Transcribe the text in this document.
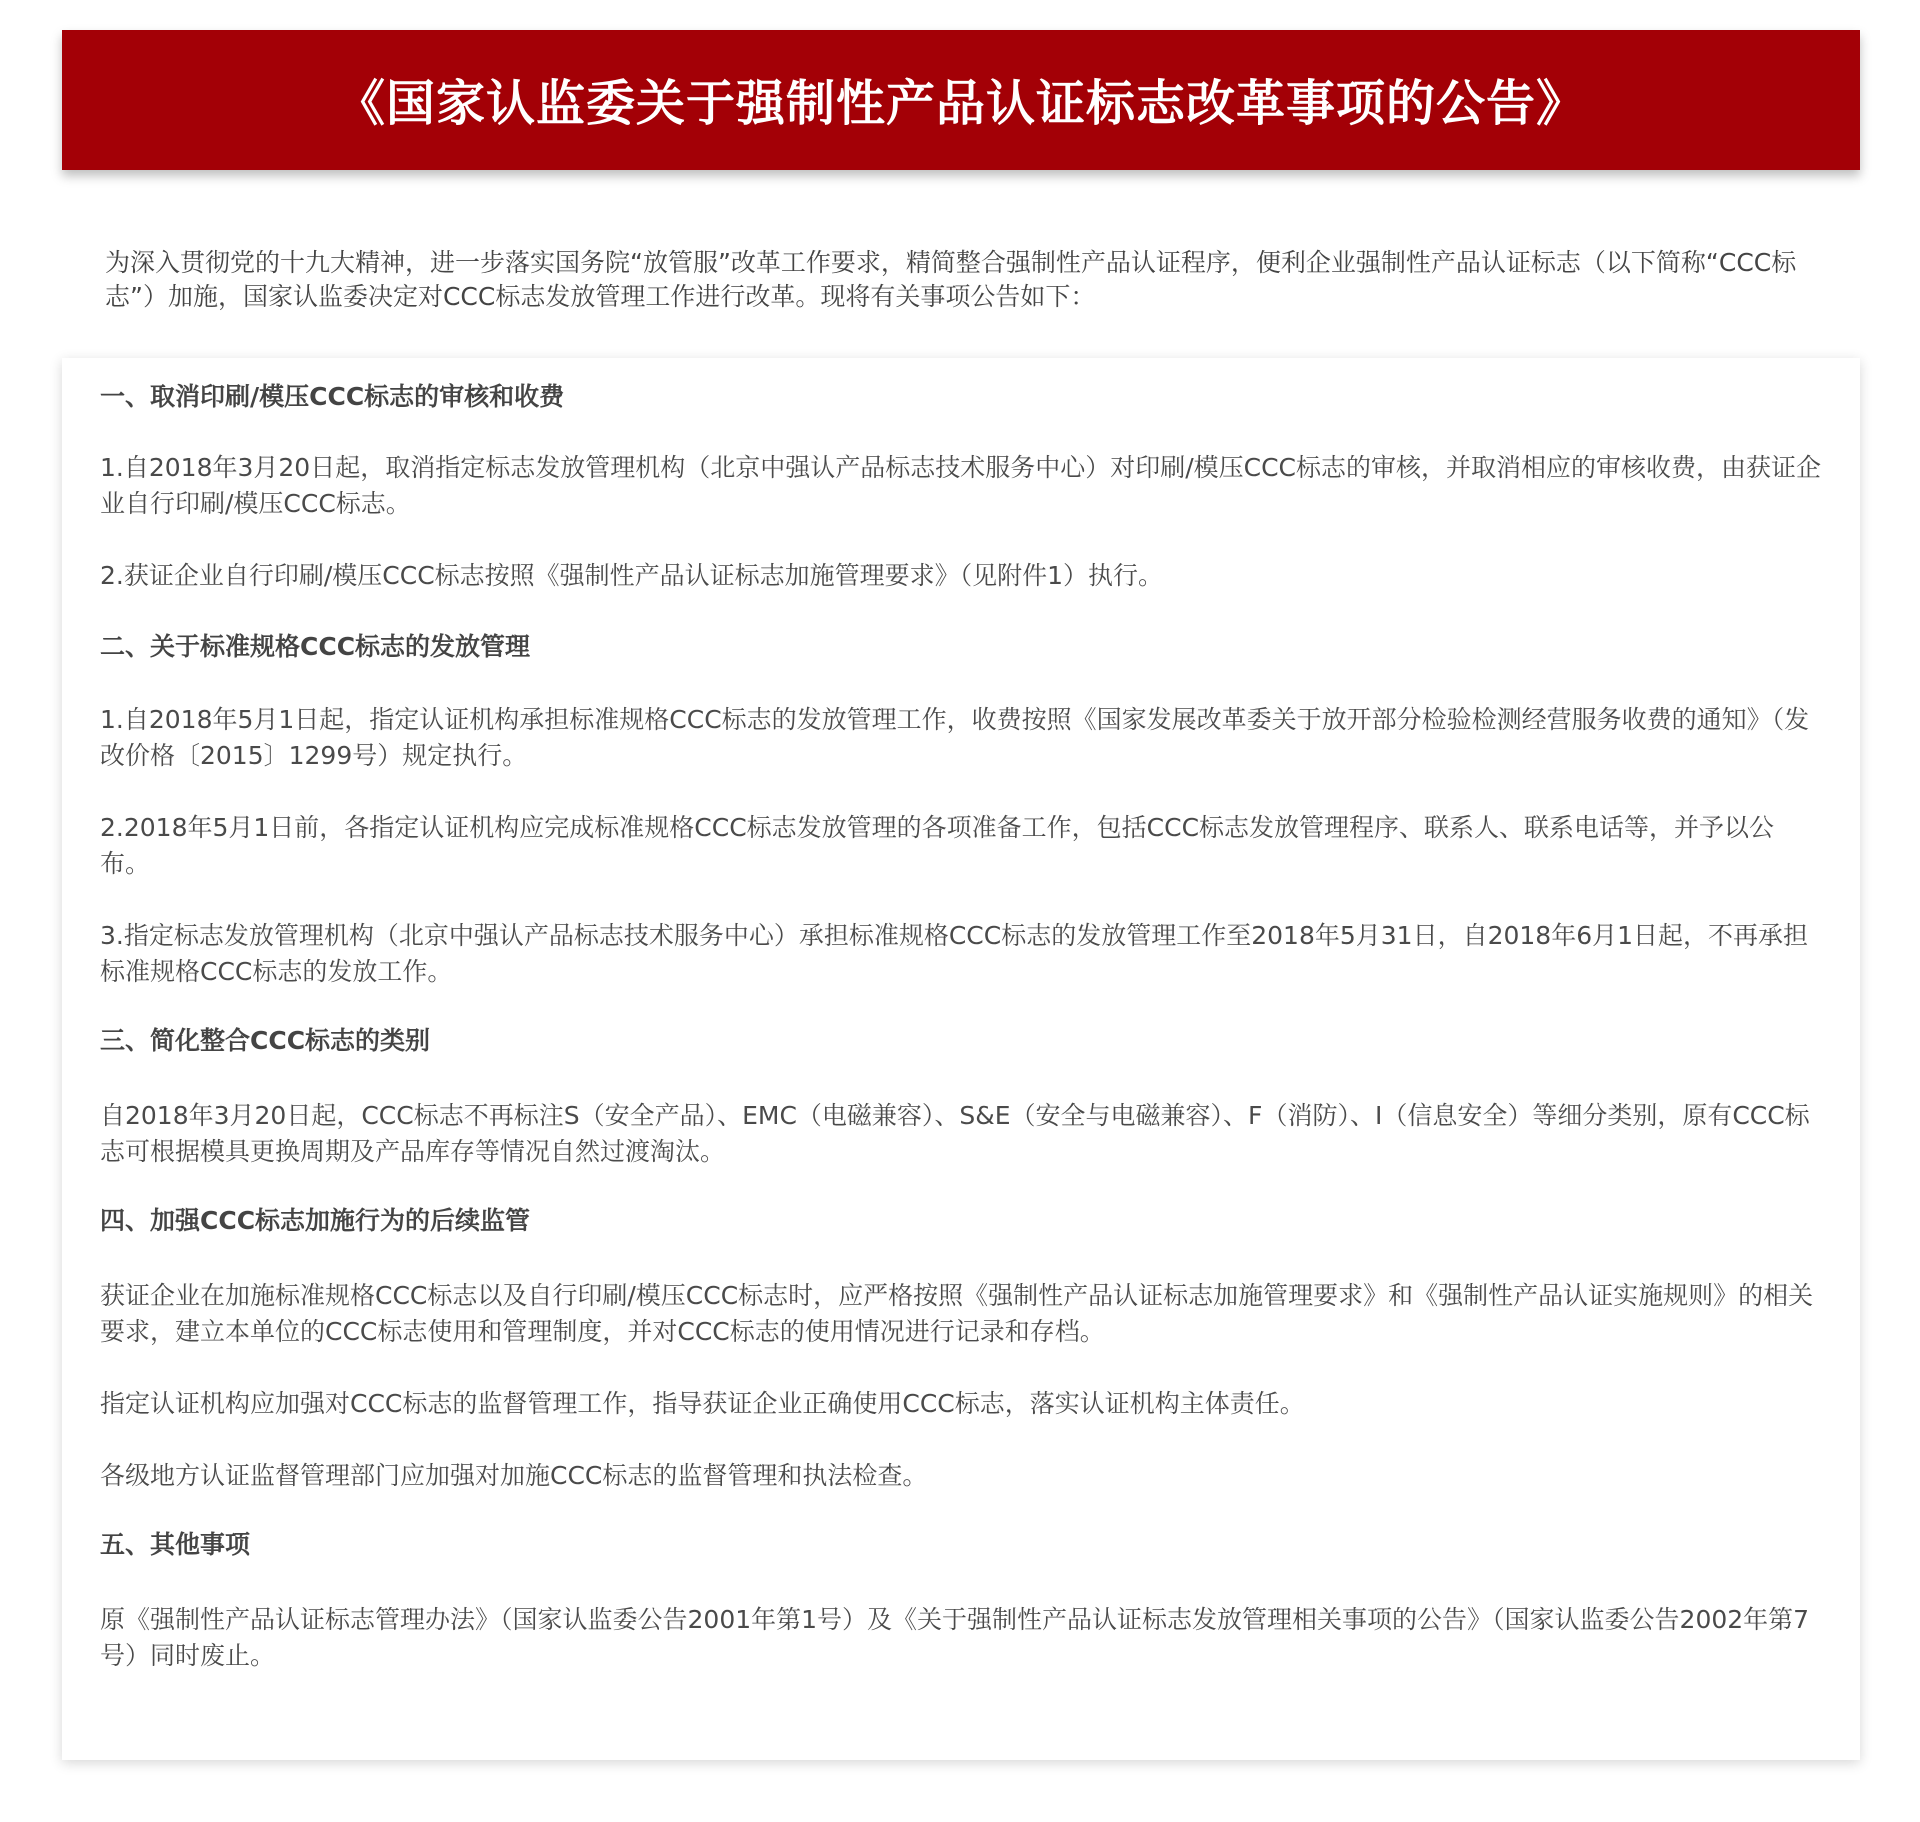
《国家认监委关于强制性产品认证标志改革事项的公告》

为深入贯彻党的十九大精神，进一步落实国务院“放管服”改革工作要求，精简整合强制性产品认证程序，便利企业强制性产品认证标志（以下简称“CCC标志”）加施，国家认监委决定对CCC标志发放管理工作进行改革。现将有关事项公告如下：

一、取消印刷/模压CCC标志的审核和收费

1.自2018年3月20日起，取消指定标志发放管理机构（北京中强认产品标志技术服务中心）对印刷/模压CCC标志的审核，并取消相应的审核收费，由获证企业自行印刷/模压CCC标志。

2.获证企业自行印刷/模压CCC标志按照《强制性产品认证标志加施管理要求》（见附件1）执行。

二、关于标准规格CCC标志的发放管理

1.自2018年5月1日起，指定认证机构承担标准规格CCC标志的发放管理工作，收费按照《国家发展改革委关于放开部分检验检测经营服务收费的通知》（发改价格〔2015〕1299号）规定执行。

2.2018年5月1日前，各指定认证机构应完成标准规格CCC标志发放管理的各项准备工作，包括CCC标志发放管理程序、联系人、联系电话等，并予以公布。

3.指定标志发放管理机构（北京中强认产品标志技术服务中心）承担标准规格CCC标志的发放管理工作至2018年5月31日，自2018年6月1日起，不再承担标准规格CCC标志的发放工作。

三、简化整合CCC标志的类别

自2018年3月20日起，CCC标志不再标注S（安全产品）、EMC（电磁兼容）、S&E（安全与电磁兼容）、F（消防）、I（信息安全）等细分类别，原有CCC标志可根据模具更换周期及产品库存等情况自然过渡淘汰。

四、加强CCC标志加施行为的后续监管

获证企业在加施标准规格CCC标志以及自行印刷/模压CCC标志时，应严格按照《强制性产品认证标志加施管理要求》和《强制性产品认证实施规则》的相关要求，建立本单位的CCC标志使用和管理制度，并对CCC标志的使用情况进行记录和存档。

指定认证机构应加强对CCC标志的监督管理工作，指导获证企业正确使用CCC标志，落实认证机构主体责任。

各级地方认证监督管理部门应加强对加施CCC标志的监督管理和执法检查。

五、其他事项

原《强制性产品认证标志管理办法》（国家认监委公告2001年第1号）及《关于强制性产品认证标志发放管理相关事项的公告》（国家认监委公告2002年第7号）同时废止。
